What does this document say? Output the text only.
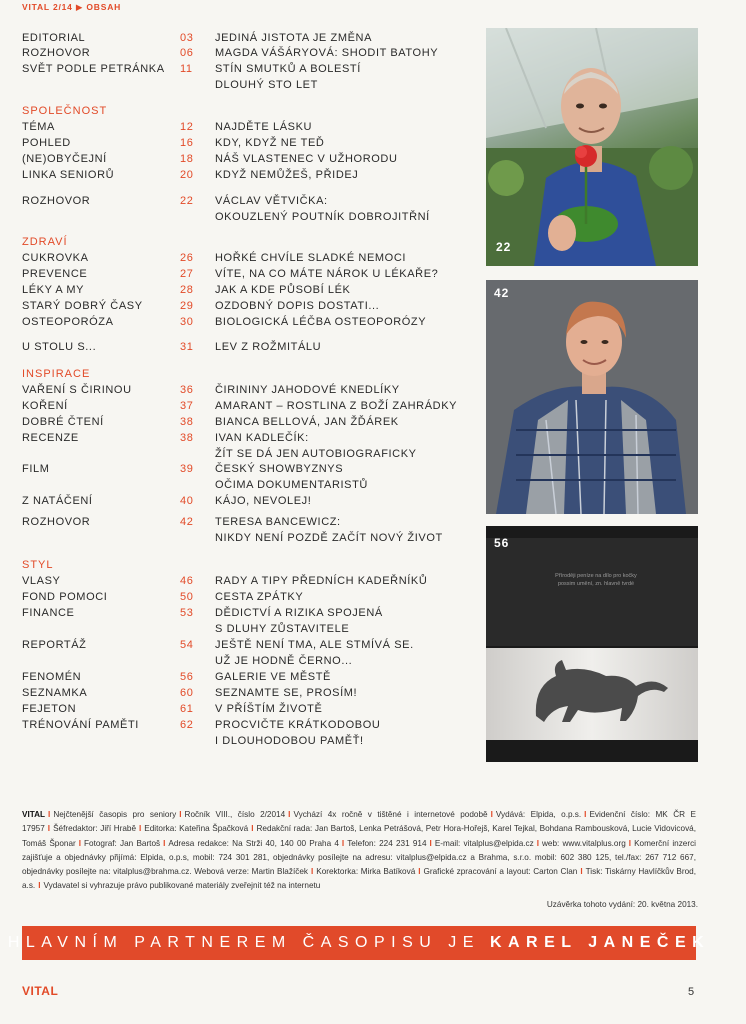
VITAL 2/14 ▶ OBSAH
EDITORIAL	03 JEDINÁ JISTOTA JE ZMĚNA
ROZHOVOR	06 MAGDA VÁŠÁRYOVÁ: SHODIT BATOHY
SVĚT PODLE PETRÁNKA 11 STÍN SMUTKŮ A BOLESTÍ
DLOUHÝ STO LET
SPOLEČNOST
TÉMA	12 NAJDĚTE LÁSKU
POHLED	16 KDY, KDYŽ NE TEĎ
(NE)OBYČEJNÍ	18 NÁŠ VLASTENEC V UŽHORODU
LINKA SENIORŮ	20 KDYŽ NEMŮŽEŠ, PŘIDEJ
ROZHOVOR	22 VÁCLAV VĚTVIČKA:
OKOUZLENÝ POUTNÍK DOBROJITŘNÍ
ZDRAVÍ
CUKROVKA	26 HOŘKÉ CHVÍLE SLADKÉ NEMOCI
PREVENCE	27 VÍTE, NA CO MÁTE NÁROK U LÉKAŘE?
LÉKY A MY	28 JAK A KDE PŮSOBÍ LÉK
STARÝ DOBRÝ ČASY	29 OZDOBNÝ DOPIS DOSTATI...
OSTEOPORÓZA	30 BIOLOGICKÁ LÉČBA OSTEOPORÓZY
U STOLU S...	31 LEV Z ROŽMITÁLU
INSPIRACE
VAŘENÍ S ČIRINOU	36 ČIRININY JAHODOVÉ KNEDLÍKY
KOŘENÍ	37 AMARANT – ROSTLINA Z BOŽÍ ZAHRÁDKY
DOBRÉ ČTENÍ	38 BIANCA BELLOVÁ, JAN ŽĎÁREK
RECENZE	38 IVAN KADLEČÍK:
ŽÍT SE DÁ JEN AUTOBIOGRAFICKY
FILM	39 ČESKÝ SHOWBYZNYS
OČIMA DOKUMENTARISTŮ
Z NATÁČENÍ	40 KÁJO, NEVOLEJ!
ROZHOVOR	42 TERESA BANCEWICZ:
NIKDY NENÍ POZDĚ ZAČÍT NOVÝ ŽIVOT
STYL
VLASY	46 RADY A TIPY PŘEDNÍCH KADEŘNÍKŮ
FOND POMOCI	50 CESTA ZPÁTKY
FINANCE	53 DĚDICTVÍ A RIZIKA SPOJENÁ
S DLUHY ZŮSTAVITELE
REPORTÁŽ	54 JEŠTĚ NENÍ TMA, ALE STMÍVÁ SE.
UŽ JE HODNĚ ČERNO...
FENOMÉN	56 GALERIE VE MĚSTĚ
SEZNAMKA	60 SEZNAMTE SE, PROSÍM!
FEJETON	61 V PŘÍŠTÍM ŽIVOTĚ
TRÉNOVÁNÍ PAMĚTI	62 PROCVIČTE KRÁTKODOBOU
I DLOUHODOBOU PAMĚŤ!
22
42
56
Příroději peníze na dílo pro kočky
possim umění, zn. hlavně tvrdé
VITAL I Nejčtenější časopis pro seniory I Ročník VIII., číslo 2/2014 I Vychází 4x ročně v tištěné i internetové podobě I Vydává: Elpida, o.p.s. I Evidenční číslo: MK ČR E 17957 I Šéfredaktor: Jiří Hrabě I Editorka: Kateřina Špačková I Redakční rada: Jan Bartoš, Lenka Petrášová, Petr Hora-Hořejš, Karel Tejkal, Bohdana Rambousková, Lucie Vidovicová, Tomáš Šponar I Fotograf: Jan Bartoš I Adresa redakce: Na Strži 40, 140 00 Praha 4 I Telefon: 224 231 914 I E-mail: vitalplus@elpida.cz I web: www.vitalplus.org I Komerční inzerci zajišťuje a objednávky přijímá: Elpida, o.p.s, mobil: 724 301 281, objednávky posílejte na adresu: vitalplus@elpida.cz a Brahma, s.r.o. mobil: 602 380 125, tel./fax: 267 712 667, objednávky posílejte na: vitalplus@brahma.cz. Webová verze: Martin Blažíček I Korektorka: Mirka Batíková I Grafické zpracování a layout: Carton Clan I Tisk: Tiskárny Havlíčkův Brod, a.s. I Vydavatel si vyhrazuje právo publikované materiály zveřejnit též na internetu
Uzávěrka tohoto vydání: 20. května 2013.
HLAVNÍM PARTNEREM ČASOPISU JE KAREL JANEČEK
VITAL	5
